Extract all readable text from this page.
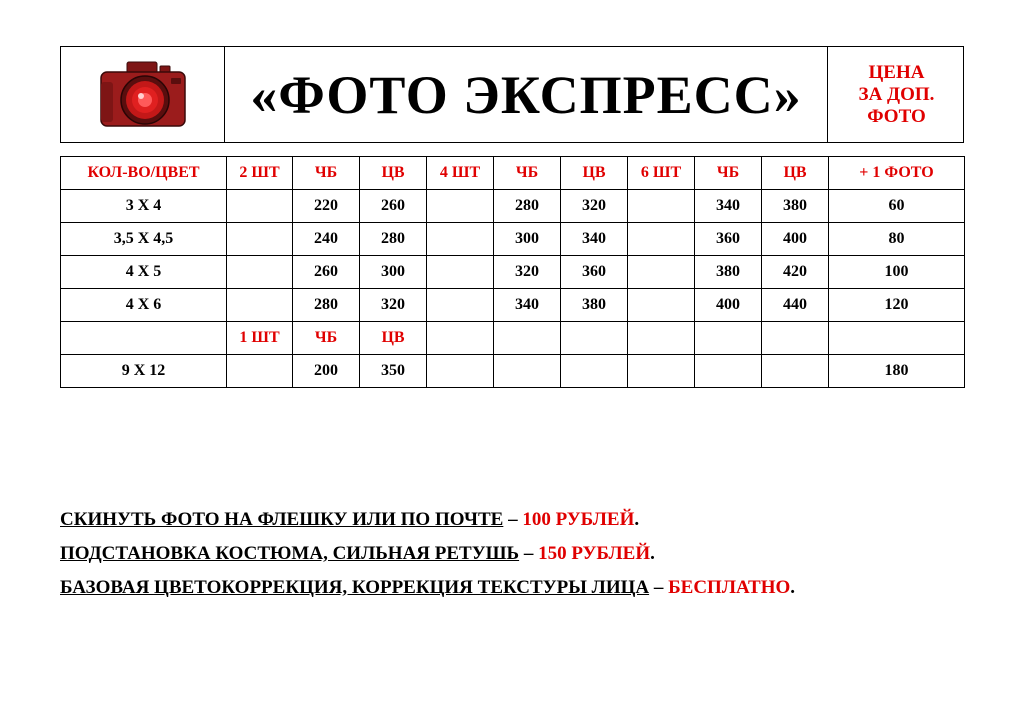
«ФОТО ЭКСПРЕСС»	ЦЕНА
ЗА ДОП.
ФОТО
КОЛ-ВО/ЦВЕТ	2 ШТ	ЧБ	ЦВ	4 ШТ	ЧБ	ЦВ	6 ШТ	ЧБ	ЦВ	+ 1 ФОТО
3 Х 4		220	260		280	320		340	380	60
3,5 Х 4,5		240	280		300	340		360	400	80
4 Х 5		260	300		320	360		380	420	100
4 Х 6		280	320		340	380		400	440	120
	1 ШТ	ЧБ	ЦВ							
9 Х 12		200	350							180
СКИНУТЬ ФОТО НА ФЛЕШКУ ИЛИ ПО ПОЧТЕ – 100 РУБЛЕЙ.
ПОДСТАНОВКА КОСТЮМА, СИЛЬНАЯ РЕТУШЬ – 150 РУБЛЕЙ.
БАЗОВАЯ ЦВЕТОКОРРЕКЦИЯ, КОРРЕКЦИЯ ТЕКСТУРЫ ЛИЦА – БЕСПЛАТНО.
